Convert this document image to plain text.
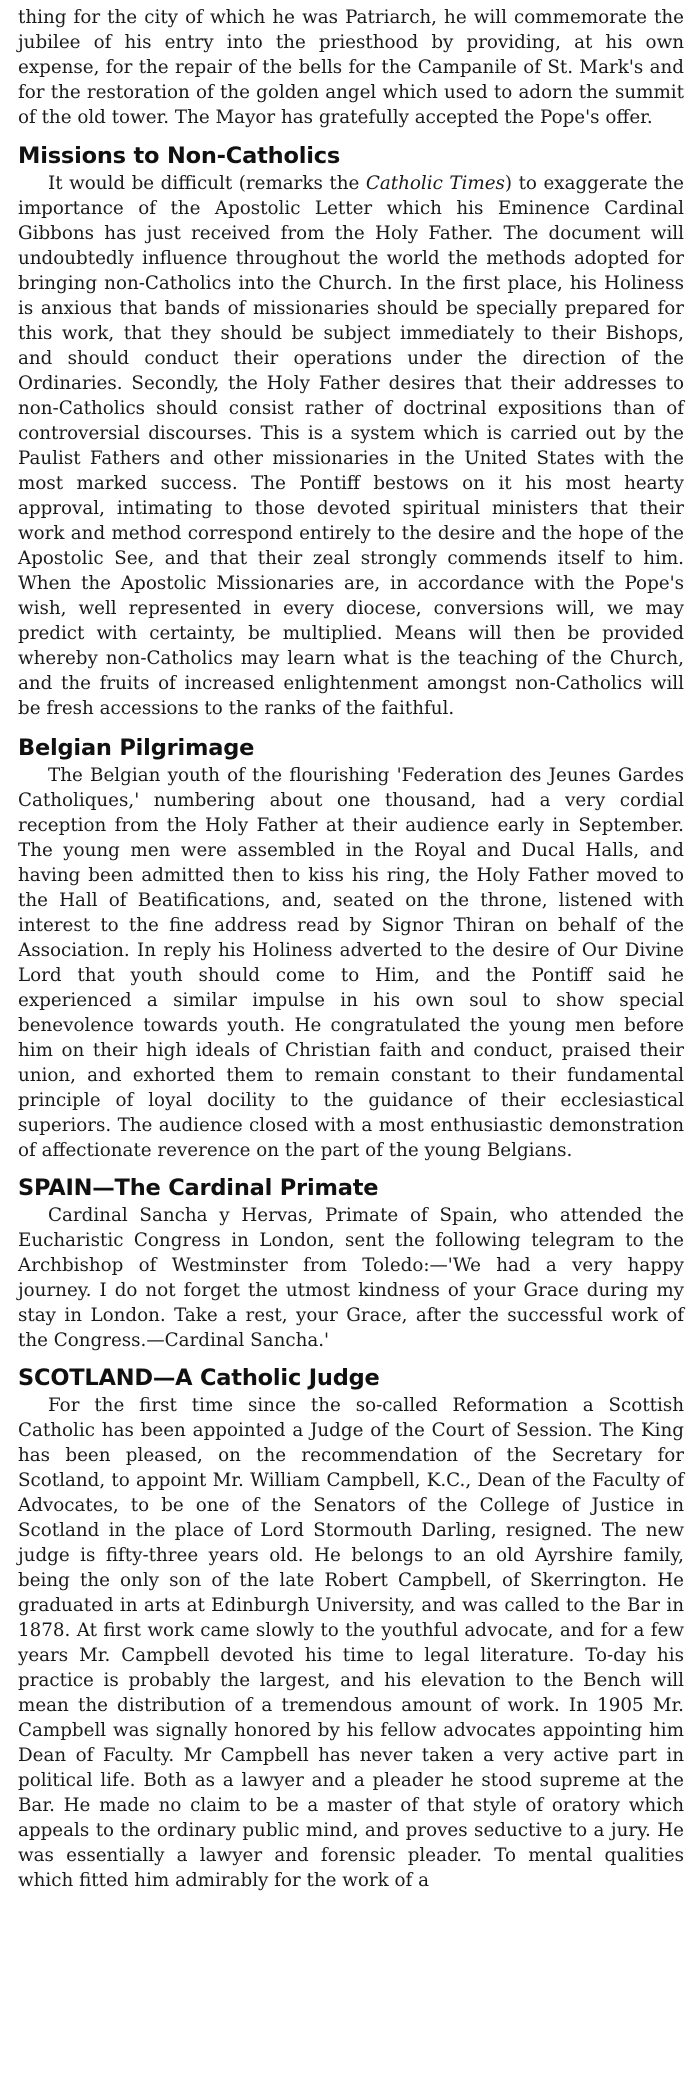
thing for the city of which he was Patriarch, he will commemorate the jubilee of his entry into the priesthood by providing, at his own expense, for the repair of the bells for the Campanile of St. Mark's and for the restoration of the golden angel which used to adorn the summit of the old tower. The Mayor has gratefully accepted the Pope's offer.

Missions to Non-Catholics

It would be difficult (remarks the Catholic Times) to exaggerate the importance of the Apostolic Letter which his Eminence Cardinal Gibbons has just received from the Holy Father. The document will undoubtedly influence throughout the world the methods adopted for bringing non-Catholics into the Church. In the first place, his Holiness is anxious that bands of missionaries should be specially prepared for this work, that they should be subject immediately to their Bishops, and should conduct their operations under the direction of the Ordinaries. Secondly, the Holy Father desires that their addresses to non-Catholics should consist rather of doctrinal expositions than of controversial discourses. This is a system which is carried out by the Paulist Fathers and other missionaries in the United States with the most marked success. The Pontiff bestows on it his most hearty approval, intimating to those devoted spiritual ministers that their work and method correspond entirely to the desire and the hope of the Apostolic See, and that their zeal strongly commends itself to him. When the Apostolic Missionaries are, in accordance with the Pope's wish, well represented in every diocese, conversions will, we may predict with certainty, be multiplied. Means will then be provided whereby non-Catholics may learn what is the teaching of the Church, and the fruits of increased enlightenment amongst non-Catholics will be fresh accessions to the ranks of the faithful.

Belgian Pilgrimage

The Belgian youth of the flourishing 'Federation des Jeunes Gardes Catholiques,' numbering about one thousand, had a very cordial reception from the Holy Father at their audience early in September. The young men were assembled in the Royal and Ducal Halls, and having been admitted then to kiss his ring, the Holy Father moved to the Hall of Beatifications, and, seated on the throne, listened with interest to the fine address read by Signor Thiran on behalf of the Association. In reply his Holiness adverted to the desire of Our Divine Lord that youth should come to Him, and the Pontiff said he experienced a similar impulse in his own soul to show special benevolence towards youth. He congratulated the young men before him on their high ideals of Christian faith and conduct, praised their union, and exhorted them to remain constant to their fundamental principle of loyal docility to the guidance of their ecclesiastical superiors. The audience closed with a most enthusiastic demonstration of affectionate reverence on the part of the young Belgians.

SPAIN—The Cardinal Primate

Cardinal Sancha y Hervas, Primate of Spain, who attended the Eucharistic Congress in London, sent the following telegram to the Archbishop of Westminster from Toledo:—'We had a very happy journey. I do not forget the utmost kindness of your Grace during my stay in London. Take a rest, your Grace, after the successful work of the Congress.—Cardinal Sancha.'

SCOTLAND—A Catholic Judge

For the first time since the so-called Reformation a Scottish Catholic has been appointed a Judge of the Court of Session. The King has been pleased, on the recommendation of the Secretary for Scotland, to appoint Mr. William Campbell, K.C., Dean of the Faculty of Advocates, to be one of the Senators of the College of Justice in Scotland in the place of Lord Stormouth Darling, resigned. The new judge is fifty-three years old. He belongs to an old Ayrshire family, being the only son of the late Robert Campbell, of Skerrington. He graduated in arts at Edinburgh University, and was called to the Bar in 1878. At first work came slowly to the youthful advocate, and for a few years Mr. Campbell devoted his time to legal literature. To-day his practice is probably the largest, and his elevation to the Bench will mean the distribution of a tremendous amount of work. In 1905 Mr. Campbell was signally honored by his fellow advocates appointing him Dean of Faculty. Mr Campbell has never taken a very active part in political life. Both as a lawyer and a pleader he stood supreme at the Bar. He made no claim to be a master of that style of oratory which appeals to the ordinary public mind, and proves seductive to a jury. He was essentially a lawyer and forensic pleader. To mental qualities which fitted him admirably for the work of a
